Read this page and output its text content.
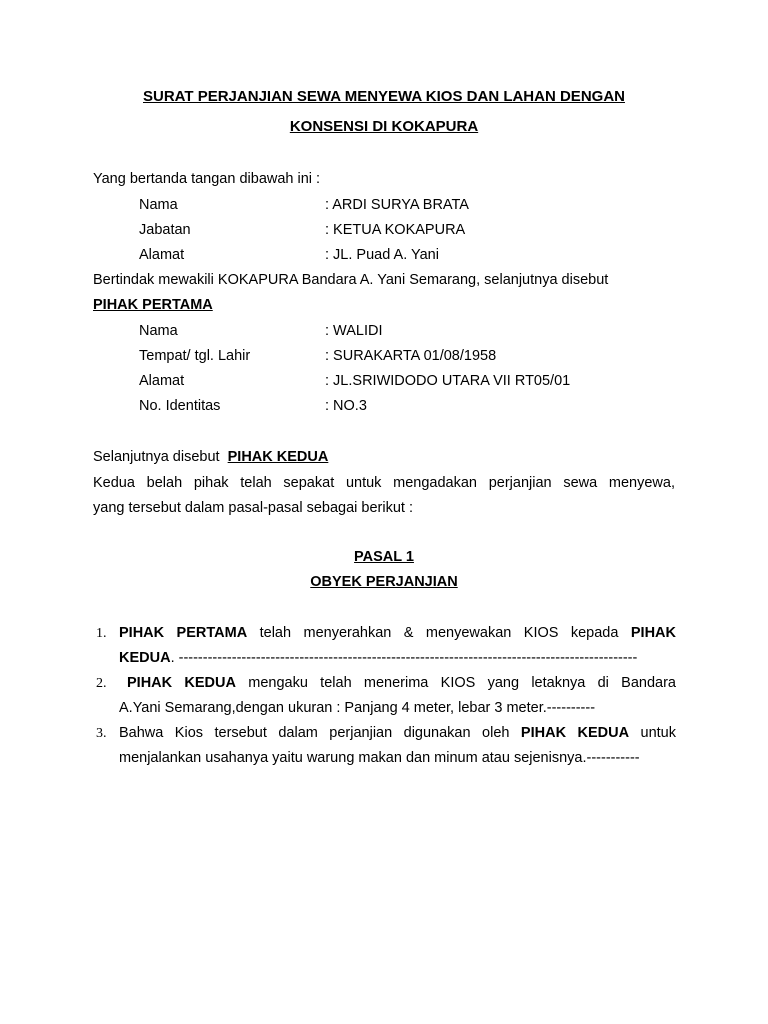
SURAT PERJANJIAN SEWA MENYEWA KIOS DAN LAHAN DENGAN
KONSENSI DI KOKAPURA
Yang bertanda tangan dibawah ini :
Nama	: ARDI SURYA BRATA
Jabatan	: KETUA KOKAPURA
Alamat	: JL. Puad A. Yani
Bertindak mewakili KOKAPURA Bandara A. Yani Semarang, selanjutnya disebut
PIHAK PERTAMA
Nama	: WALIDI
Tempat/ tgl. Lahir	: SURAKARTA 01/08/1958
Alamat	: JL.SRIWIDODO UTARA VII RT05/01
No. Identitas	: NO.3
Selanjutnya disebut PIHAK KEDUA
Kedua belah pihak telah sepakat untuk mengadakan perjanjian sewa menyewa,
yang tersebut dalam pasal-pasal sebagai berikut :
PASAL 1
OBYEK PERJANJIAN
1. PIHAK PERTAMA telah menyerahkan & menyewakan KIOS kepada PIHAK
KEDUA. -----------------------------------------------------------------------------------------------
2. PIHAK KEDUA mengaku telah menerima KIOS yang letaknya di Bandara
A.Yani Semarang,dengan ukuran : Panjang 4 meter, lebar 3 meter.----------
3. Bahwa Kios tersebut dalam perjanjian digunakan oleh PIHAK KEDUA untuk
menjalankan usahanya yaitu warung makan dan minum atau sejenisnya.-----------
